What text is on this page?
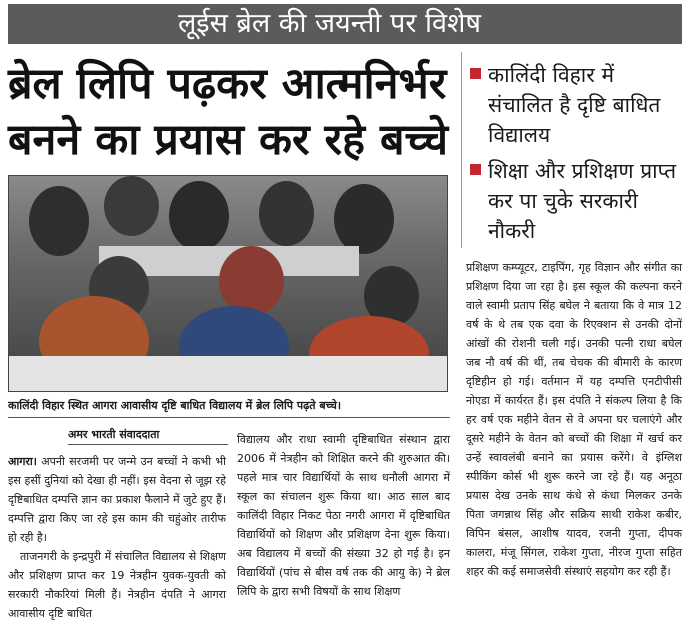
लूईस ब्रेल की जयन्ती पर विशेष
ब्रेल लिपि पढ़कर आत्मनिर्भर
बनने का प्रयास कर रहे बच्चे
कालिंदी विहार में संचालित है दृष्टि बाधित विद्यालय
शिक्षा और प्रशिक्षण प्राप्त कर पा चुके सरकारी नौकरी
कालिंदी विहार स्थित आगरा आवासीय दृष्टि बाधित विद्यालय में ब्रेल लिपि पढ़ते बच्चे।
अमर भारती संवाददाता

आगरा। अपनी सरजमी पर जन्मे उन बच्चों ने कभी भी इस हसीं दुनियां को देखा ही नहीं। इस वेदना से जूझ रहे दृष्टिबाधित दम्पत्ति ज्ञान का प्रकाश फैलाने में जुटे हुए हैं। दम्पत्ति द्वारा किए जा रहे इस काम की चहुंओर तारीफ हो रही है।

ताजनगरी के इन्द्रपुरी में संचालित विद्यालय से शिक्षण और प्रशिक्षण प्राप्त कर 19 नेत्रहीन युवक-युवती को सरकारी नौकरियां मिली हैं। नेत्रहीन दंपति ने आगरा आवासीय दृष्टि बाधित

विद्यालय और राधा स्वामी दृष्टिबाधित संस्थान द्वारा 2006 में नेत्रहीन को शिक्षित करने की शुरुआत की। पहले मात्र चार विद्यार्थियों के साथ धनौली आगरा में स्कूल का संचालन शुरू किया था। आठ साल बाद कालिंदी विहार निकट पेठा नगरी आगरा में दृष्टिबाधित विद्यार्थियों को शिक्षण और प्रशिक्षण देना शुरू किया। अब विद्यालय में बच्चों की संख्या 32 हो गई है। इन विद्यार्थियों (पांच से बीस वर्ष तक की आयु के) ने ब्रेल लिपि के द्वारा सभी विषयों के साथ शिक्षण

प्रशिक्षण कम्प्यूटर, टाइपिंग, गृह विज्ञान और संगीत का प्रशिक्षण दिया जा रहा है। इस स्कूल की कल्पना करने वाले स्वामी प्रताप सिंह बघेल ने बताया कि वे मात्र 12 वर्ष के थे तब एक दवा के रिएक्शन से उनकी दोनों आंखों की रोशनी चली गई। उनकी पत्नी राधा बघेल जब नौ वर्ष की थीं, तब चेचक की बीमारी के कारण दृष्टिहीन हो गई। वर्तमान में यह दम्पत्ति एनटीपीसी नोएडा में कार्यरत हैं। इस दंपति ने संकल्प लिया है कि हर वर्ष एक महीने वेतन से वे अपना घर चलाएंगे और दूसरे महीने के वेतन को बच्चों की शिक्षा में खर्च कर उन्हें स्वावलंबी बनाने का प्रयास करेंगे। वे इंग्लिश स्पीकिंग कोर्स भी शुरू करने जा रहे हैं। यह अनूठा प्रयास देख उनके साथ कंधे से कंधा मिलकर उनके पिता जगन्नाथ सिंह और सक्रिय साथी राकेश कबीर, विपिन बंसल, आशीष यादव, रजनी गुप्ता, दीपक कालरा, मंजू सिंगल, राकेश गुप्ता, नीरज गुप्ता सहित शहर की कई समाजसेवी संस्थाएं सहयोग कर रही हैं।
